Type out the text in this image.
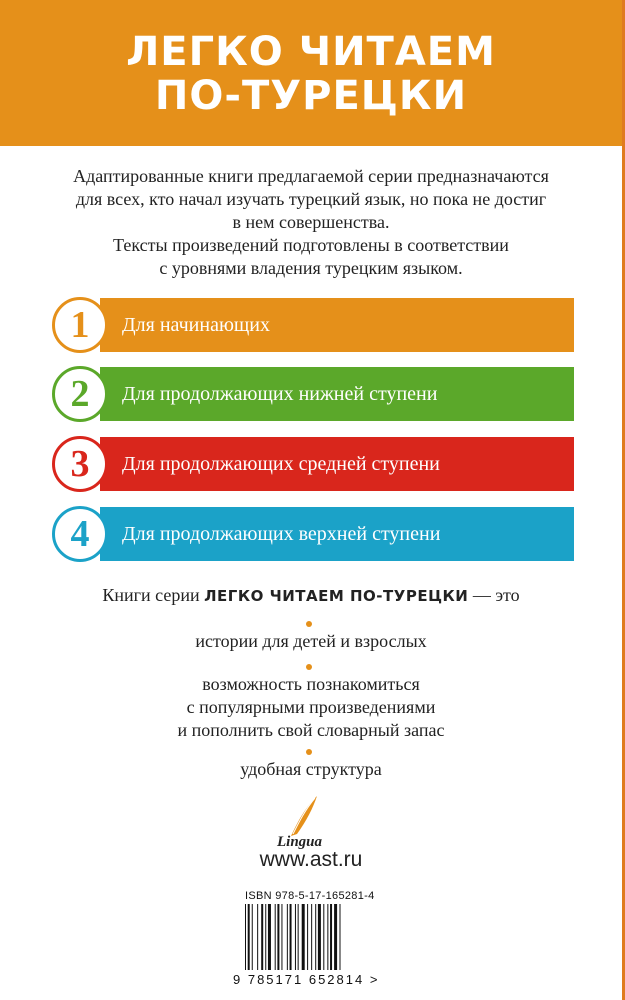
ЛЕГКО ЧИТАЕМ
ПО-ТУРЕЦКИ
Адаптированные книги предлагаемой серии предназначаются
для всех, кто начал изучать турецкий язык, но пока не достиг
в нем совершенства.
Тексты произведений подготовлены в соответствии
с уровнями владения турецким языком.
1	Для начинающих
2	Для продолжающих нижней ступени
3	Для продолжающих средней ступени
4	Для продолжающих верхней ступени
Книги серии ЛЕГКО ЧИТАЕМ ПО-ТУРЕЦКИ — это
истории для детей и взрослых
возможность познакомиться
с популярными произведениями
и пополнить свой словарный запас
удобная структура
Lingua
www.ast.ru
ISBN 978-5-17-165281-4
9 785171 652814 >
